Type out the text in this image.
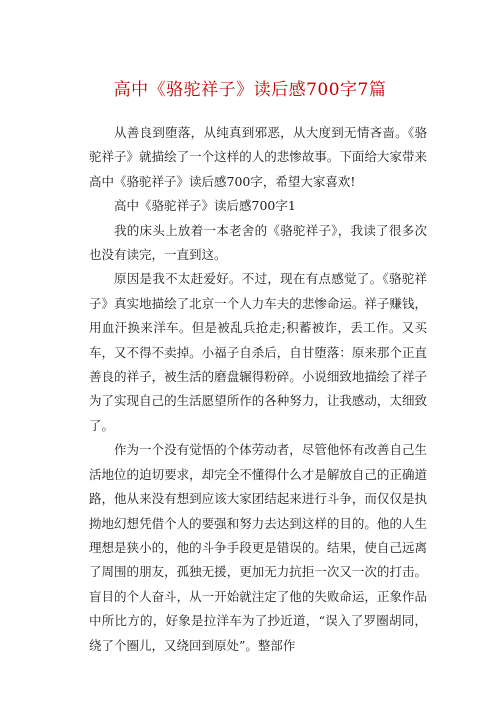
高中《骆驼祥子》读后感700字7篇

从善良到堕落，从纯真到邪恶，从大度到无情吝啬。《骆驼祥子》就描绘了一个这样的人的悲惨故事。下面给大家带来高中《骆驼祥子》读后感700字，希望大家喜欢!

高中《骆驼祥子》读后感700字1

我的床头上放着一本老舍的《骆驼祥子》，我读了很多次也没有读完，一直到这。

原因是我不太赶爱好。不过，现在有点感觉了。《骆驼祥子》真实地描绘了北京一个人力车夫的悲惨命运。祥子赚钱，用血汗换来洋车。但是被乱兵抢走;积蓄被诈，丢工作。又买车，又不得不卖掉。小福子自杀后，自甘堕落：原来那个正直善良的祥子，被生活的磨盘辗得粉碎。小说细致地描绘了祥子为了实现自己的生活愿望所作的各种努力，让我感动，太细致了。

作为一个没有觉悟的个体劳动者，尽管他怀有改善自己生活地位的迫切要求，却完全不懂得什么才是解放自己的正确道路，他从来没有想到应该大家团结起来进行斗争，而仅仅是执拗地幻想凭借个人的要强和努力去达到这样的目的。他的人生理想是狭小的，他的斗争手段更是错误的。结果，使自己远离了周围的朋友，孤独无援，更加无力抗拒一次又一次的打击。盲目的个人奋斗，从一开始就注定了他的失败命运，正象作品中所比方的，好象是拉洋车为了抄近道，“误入了罗圈胡同，绕了个圈儿，又绕回到原处”。整部作
